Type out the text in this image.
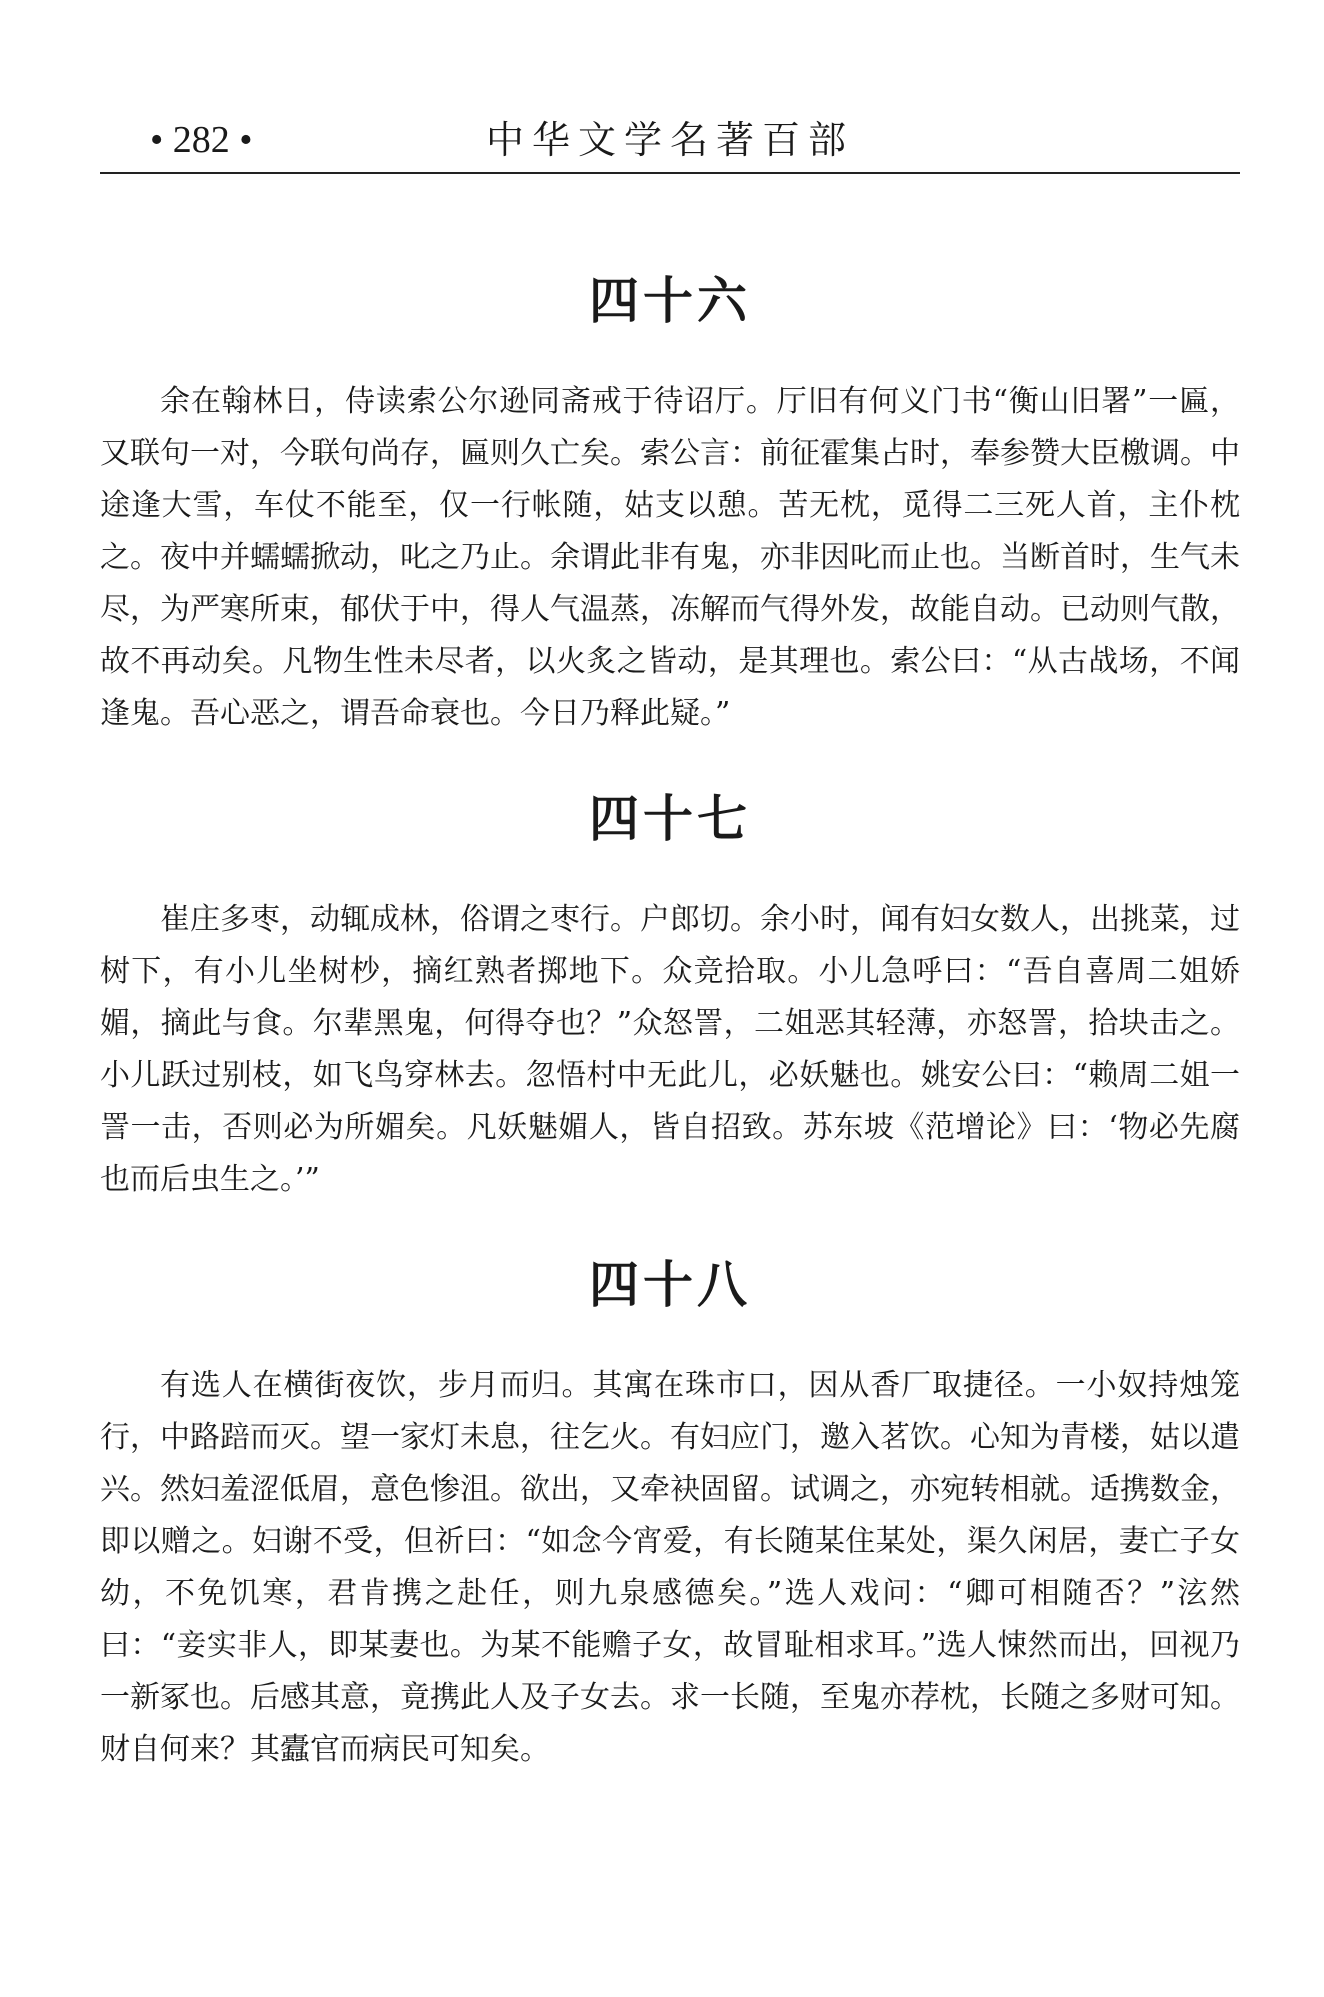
• 282 •	中华文学名著百部
四十六

余在翰林日，侍读索公尔逊同斋戒于待诏厅。厅旧有何义门书“衡山旧署”一匾，又联句一对，今联句尚存，匾则久亡矣。索公言：前征霍集占时，奉参赞大臣檄调。中途逢大雪，车仗不能至，仅一行帐随，姑支以憩。苦无枕，觅得二三死人首，主仆枕之。夜中并蠕蠕掀动，叱之乃止。余谓此非有鬼，亦非因叱而止也。当断首时，生气未尽，为严寒所束，郁伏于中，得人气温蒸，冻解而气得外发，故能自动。已动则气散，故不再动矣。凡物生性未尽者，以火炙之皆动，是其理也。索公曰：“从古战场，不闻逢鬼。吾心恶之，谓吾命衰也。今日乃释此疑。”

四十七

崔庄多枣，动辄成林，俗谓之枣行。户郎切。余小时，闻有妇女数人，出挑菜，过树下，有小儿坐树杪，摘红熟者掷地下。众竞拾取。小儿急呼曰：“吾自喜周二姐娇媚，摘此与食。尔辈黑鬼，何得夺也？”众怒詈，二姐恶其轻薄，亦怒詈，拾块击之。小儿跃过别枝，如飞鸟穿林去。忽悟村中无此儿，必妖魅也。姚安公曰：“赖周二姐一詈一击，否则必为所媚矣。凡妖魅媚人，皆自招致。苏东坡《范增论》曰：‘物必先腐也而后虫生之。’”

四十八

有选人在横街夜饮，步月而归。其寓在珠市口，因从香厂取捷径。一小奴持烛笼行，中路踣而灭。望一家灯未息，往乞火。有妇应门，邀入茗饮。心知为青楼，姑以遣兴。然妇羞涩低眉，意色惨沮。欲出，又牵袂固留。试调之，亦宛转相就。适携数金，即以赠之。妇谢不受，但祈曰：“如念今宵爱，有长随某住某处，渠久闲居，妻亡子女幼，不免饥寒，君肯携之赴任，则九泉感德矣。”选人戏问：“卿可相随否？”泫然曰：“妾实非人，即某妻也。为某不能赡子女，故冒耻相求耳。”选人悚然而出，回视乃一新冢也。后感其意，竟携此人及子女去。求一长随，至鬼亦荐枕，长随之多财可知。财自何来？其蠹官而病民可知矣。
